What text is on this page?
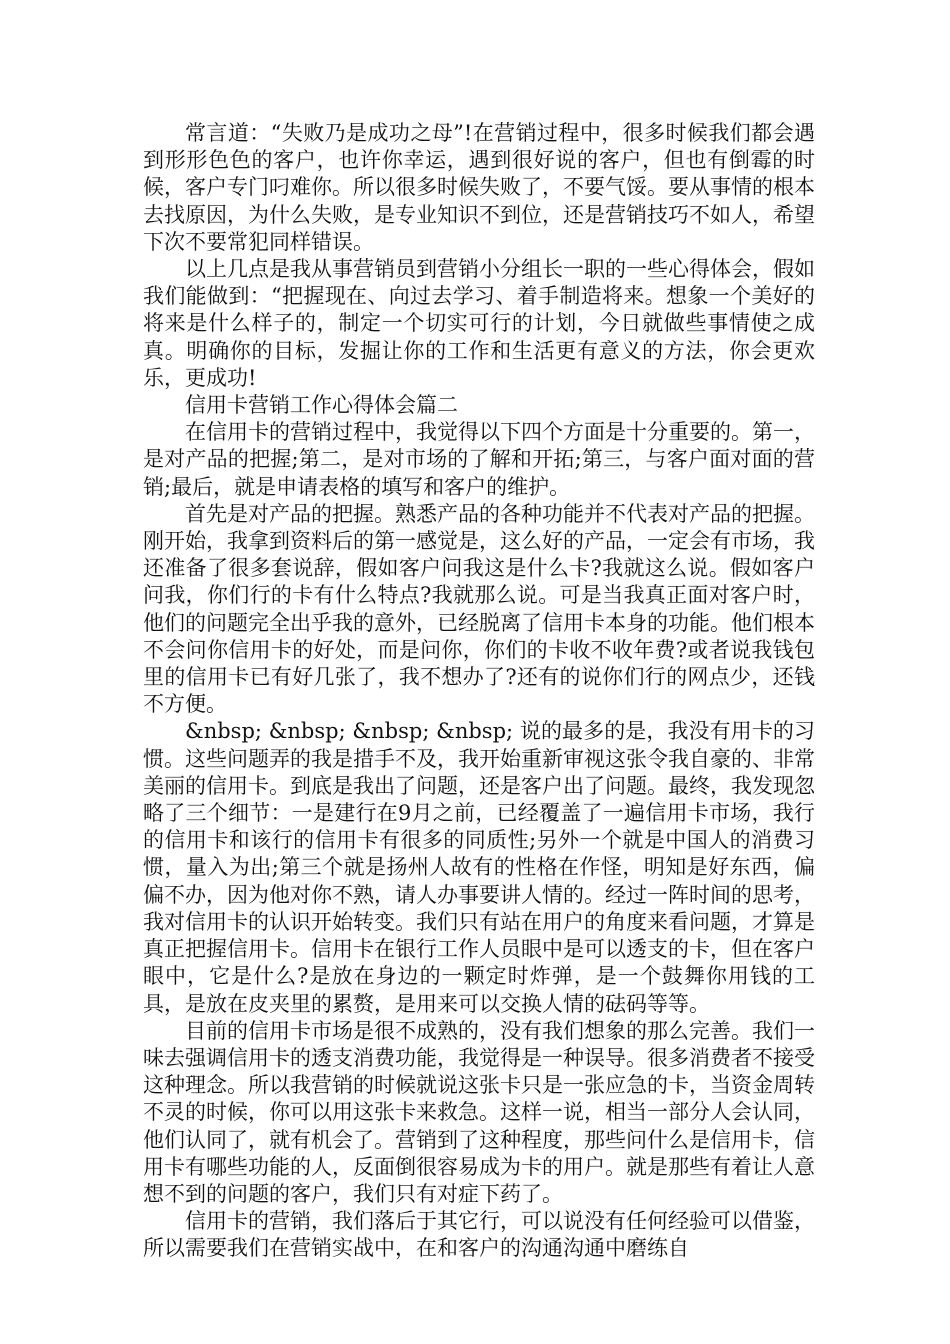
常言道：“失败乃是成功之母”!在营销过程中，很多时候我们都会遇到形形色色的客户，也许你幸运，遇到很好说的客户，但也有倒霉的时候，客户专门叼难你。所以很多时候失败了，不要气馁。要从事情的根本去找原因，为什么失败，是专业知识不到位，还是营销技巧不如人，希望下次不要常犯同样错误。

以上几点是我从事营销员到营销小分组长一职的一些心得体会，假如我们能做到：“把握现在、向过去学习、着手制造将来。想象一个美好的将来是什么样子的，制定一个切实可行的计划，今日就做些事情使之成真。明确你的目标，发掘让你的工作和生活更有意义的方法，你会更欢乐，更成功!

信用卡营销工作心得体会篇二

在信用卡的营销过程中，我觉得以下四个方面是十分重要的。第一，是对产品的把握;第二，是对市场的了解和开拓;第三，与客户面对面的营销;最后，就是申请表格的填写和客户的维护。

首先是对产品的把握。熟悉产品的各种功能并不代表对产品的把握。刚开始，我拿到资料后的第一感觉是，这么好的产品，一定会有市场，我还准备了很多套说辞，假如客户问我这是什么卡?我就这么说。假如客户问我，你们行的卡有什么特点?我就那么说。可是当我真正面对客户时，他们的问题完全出乎我的意外，已经脱离了信用卡本身的功能。他们根本不会问你信用卡的好处，而是问你，你们的卡收不收年费?或者说我钱包里的信用卡已有好几张了，我不想办了?还有的说你们行的网点少，还钱不方便。

&nbsp; &nbsp; &nbsp; &nbsp; 说的最多的是，我没有用卡的习惯。这些问题弄的我是措手不及，我开始重新审视这张令我自豪的、非常美丽的信用卡。到底是我出了问题，还是客户出了问题。最终，我发现忽略了三个细节：一是建行在9月之前，已经覆盖了一遍信用卡市场，我行的信用卡和该行的信用卡有很多的同质性;另外一个就是中国人的消费习惯，量入为出;第三个就是扬州人故有的性格在作怪，明知是好东西，偏偏不办，因为他对你不熟，请人办事要讲人情的。经过一阵时间的思考，我对信用卡的认识开始转变。我们只有站在用户的角度来看问题，才算是真正把握信用卡。信用卡在银行工作人员眼中是可以透支的卡，但在客户眼中，它是什么?是放在身边的一颗定时炸弹，是一个鼓舞你用钱的工具，是放在皮夹里的累赘，是用来可以交换人情的砝码等等。

目前的信用卡市场是很不成熟的，没有我们想象的那么完善。我们一味去强调信用卡的透支消费功能，我觉得是一种误导。很多消费者不接受这种理念。所以我营销的时候就说这张卡只是一张应急的卡，当资金周转不灵的时候，你可以用这张卡来救急。这样一说，相当一部分人会认同，他们认同了，就有机会了。营销到了这种程度，那些问什么是信用卡，信用卡有哪些功能的人，反面倒很容易成为卡的用户。就是那些有着让人意想不到的问题的客户，我们只有对症下药了。

信用卡的营销，我们落后于其它行，可以说没有任何经验可以借鉴，所以需要我们在营销实战中，在和客户的沟通沟通中磨练自
